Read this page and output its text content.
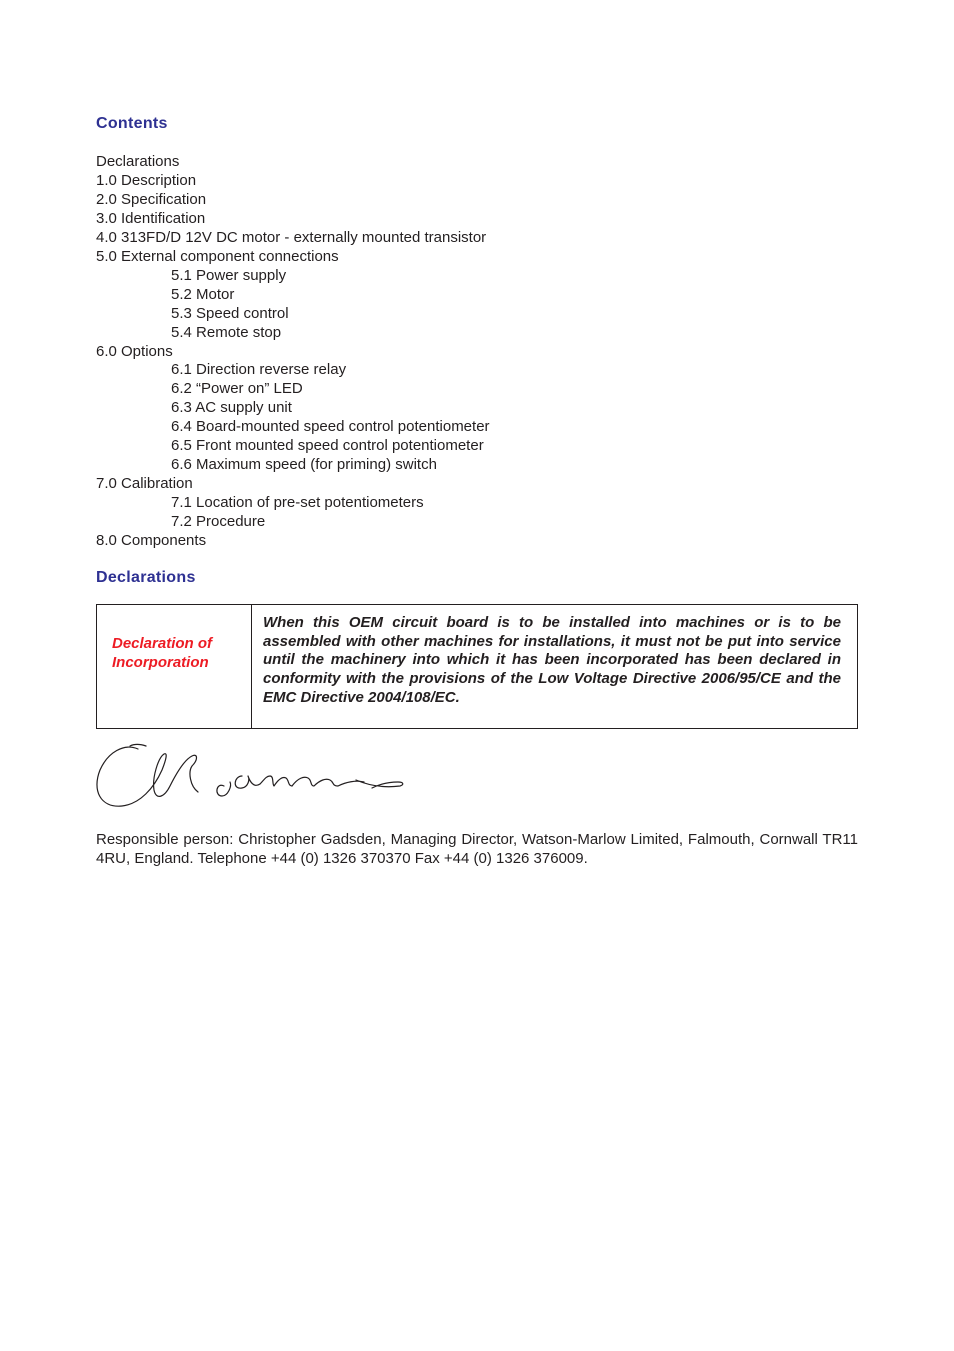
Contents
Declarations
1.0 Description
2.0 Specification
3.0 Identification
4.0 313FD/D 12V DC motor - externally mounted transistor
5.0 External component connections
5.1 Power supply
5.2 Motor
5.3 Speed control
5.4 Remote stop
6.0 Options
6.1 Direction reverse relay
6.2 “Power on” LED
6.3 AC supply unit
6.4 Board-mounted speed control potentiometer
6.5 Front mounted speed control potentiometer
6.6 Maximum speed (for priming) switch
7.0 Calibration
7.1 Location of pre-set potentiometers
7.2 Procedure
8.0 Components
Declarations
Declaration of Incorporation
When this OEM circuit board is to be installed into machines or is to be assembled with other machines for installations, it must not be put into service until the machinery into which it has been incorporated has been declared in conformity with the provisions of the Low Voltage Directive 2006/95/CE and the EMC Directive 2004/108/EC.

Responsible person: Christopher Gadsden, Managing Director, Watson-Marlow Limited, Falmouth, Cornwall TR11 4RU, England. Telephone +44 (0) 1326 370370 Fax +44 (0) 1326 376009.
